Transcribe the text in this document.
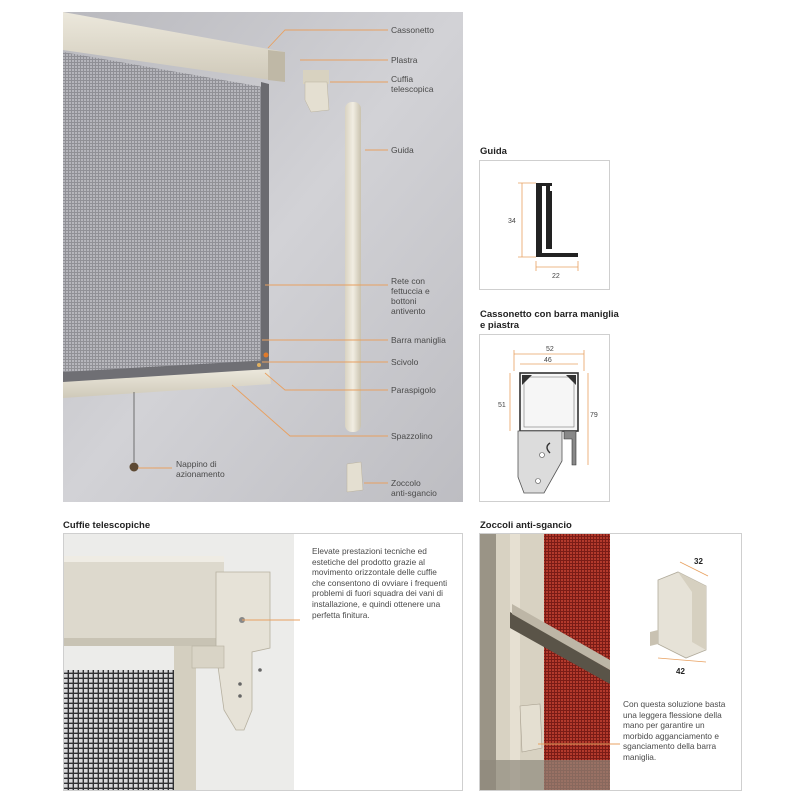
Cassonetto
Plastra
Cuffia
telescopica
Guida
Rete con
fettuccia e
bottoni
antivento
Barra maniglia
Scivolo
Paraspigolo
Spazzolino
Nappino di
azionamento
Zoccolo
anti-sgancio
Guida
34
22
Cassonetto con barra maniglia
e piastra
52
46
51
79
Cuffie telescopiche
Elevate prestazioni tecniche ed
estetiche del prodotto grazie al
movimento orizzontale delle cuffie
che consentono di ovviare i frequenti
problemi di fuori squadra dei vani di
installazione, e quindi ottenere una
perfetta finitura.
Zoccoli anti-sgancio
32
42
Con questa soluzione basta
una leggera flessione della
mano per garantire un
morbido agganciamento e
sganciamento della barra
maniglia.
